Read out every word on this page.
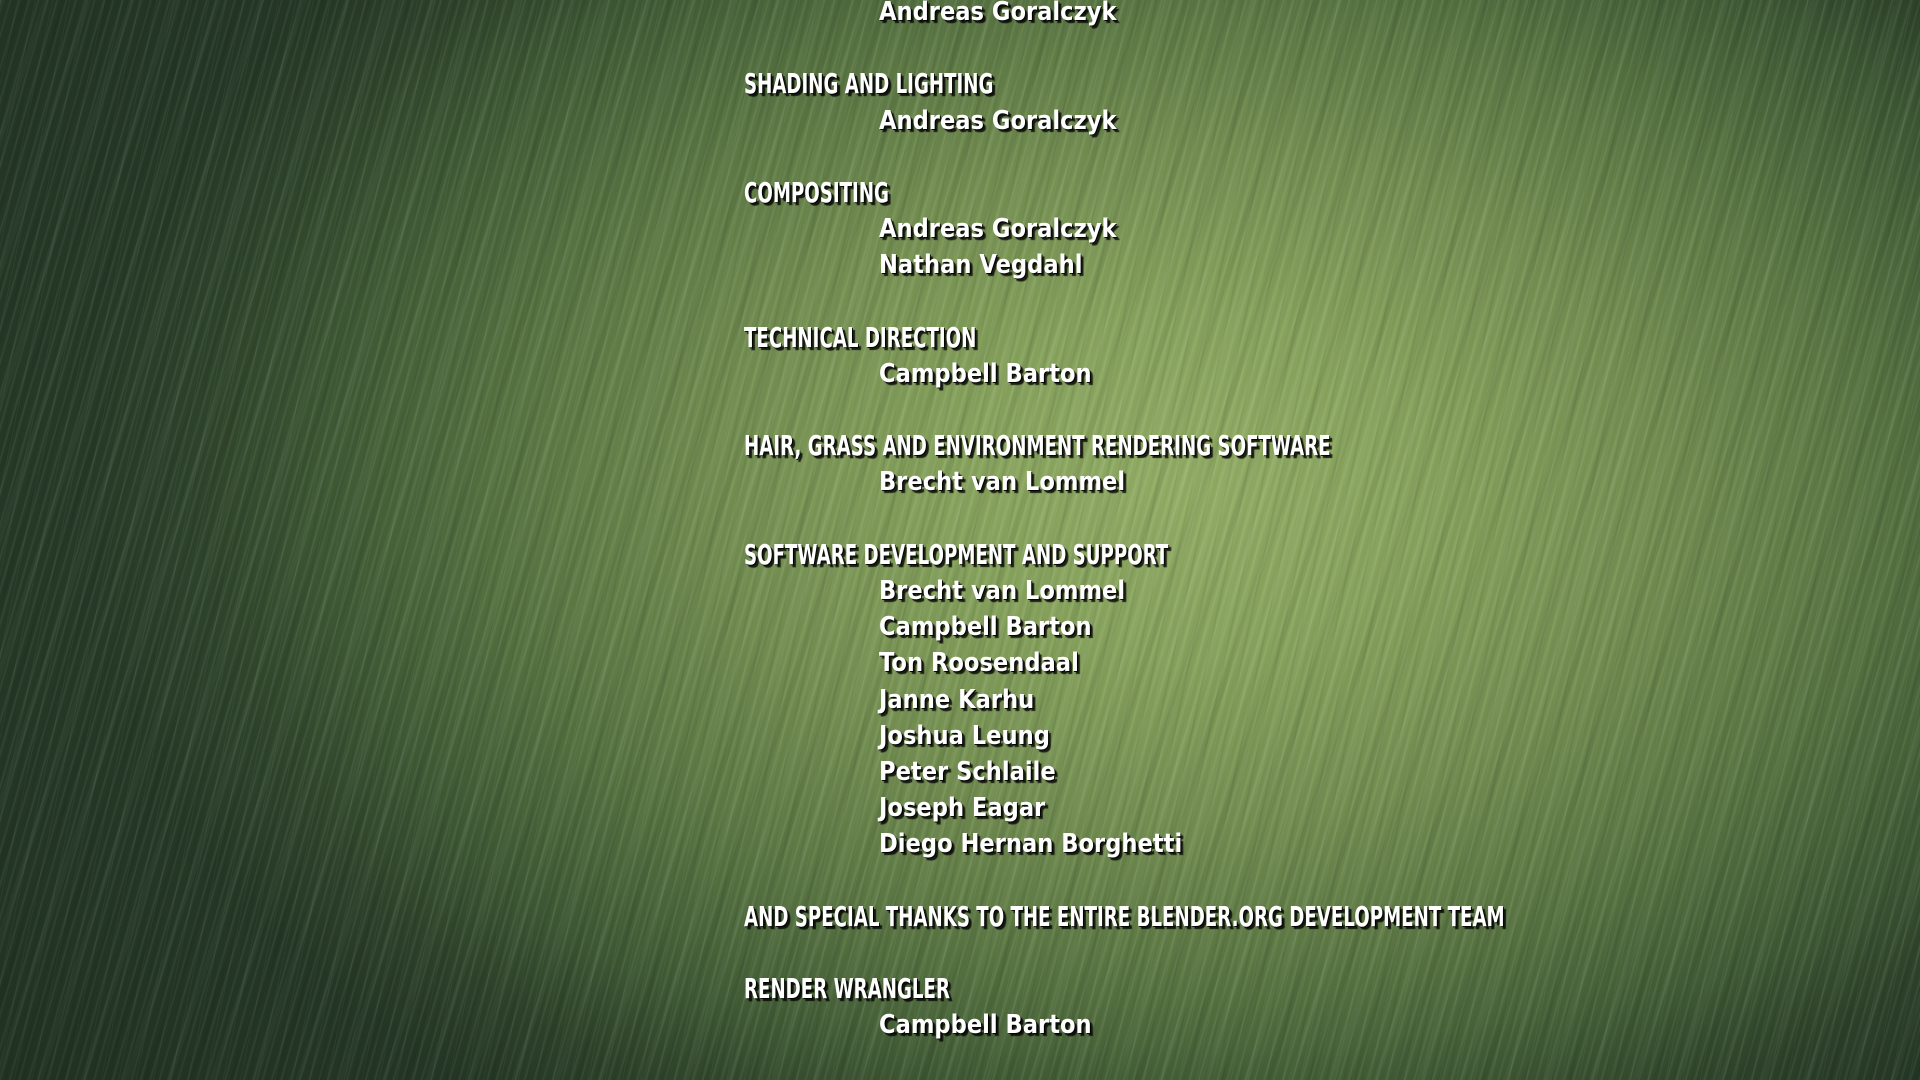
Andreas Goralczyk
SHADING AND LIGHTING
Andreas Goralczyk
COMPOSITING
Andreas Goralczyk
Nathan Vegdahl
TECHNICAL DIRECTION
Campbell Barton
HAIR, GRASS AND ENVIRONMENT RENDERING SOFTWARE
Brecht van Lommel
SOFTWARE DEVELOPMENT AND SUPPORT
Brecht van Lommel
Campbell Barton
Ton Roosendaal
Janne Karhu
Joshua Leung
Peter Schlaile
Joseph Eagar
Diego Hernan Borghetti
AND SPECIAL THANKS TO THE ENTIRE BLENDER.ORG DEVELOPMENT TEAM
RENDER WRANGLER
Campbell Barton
